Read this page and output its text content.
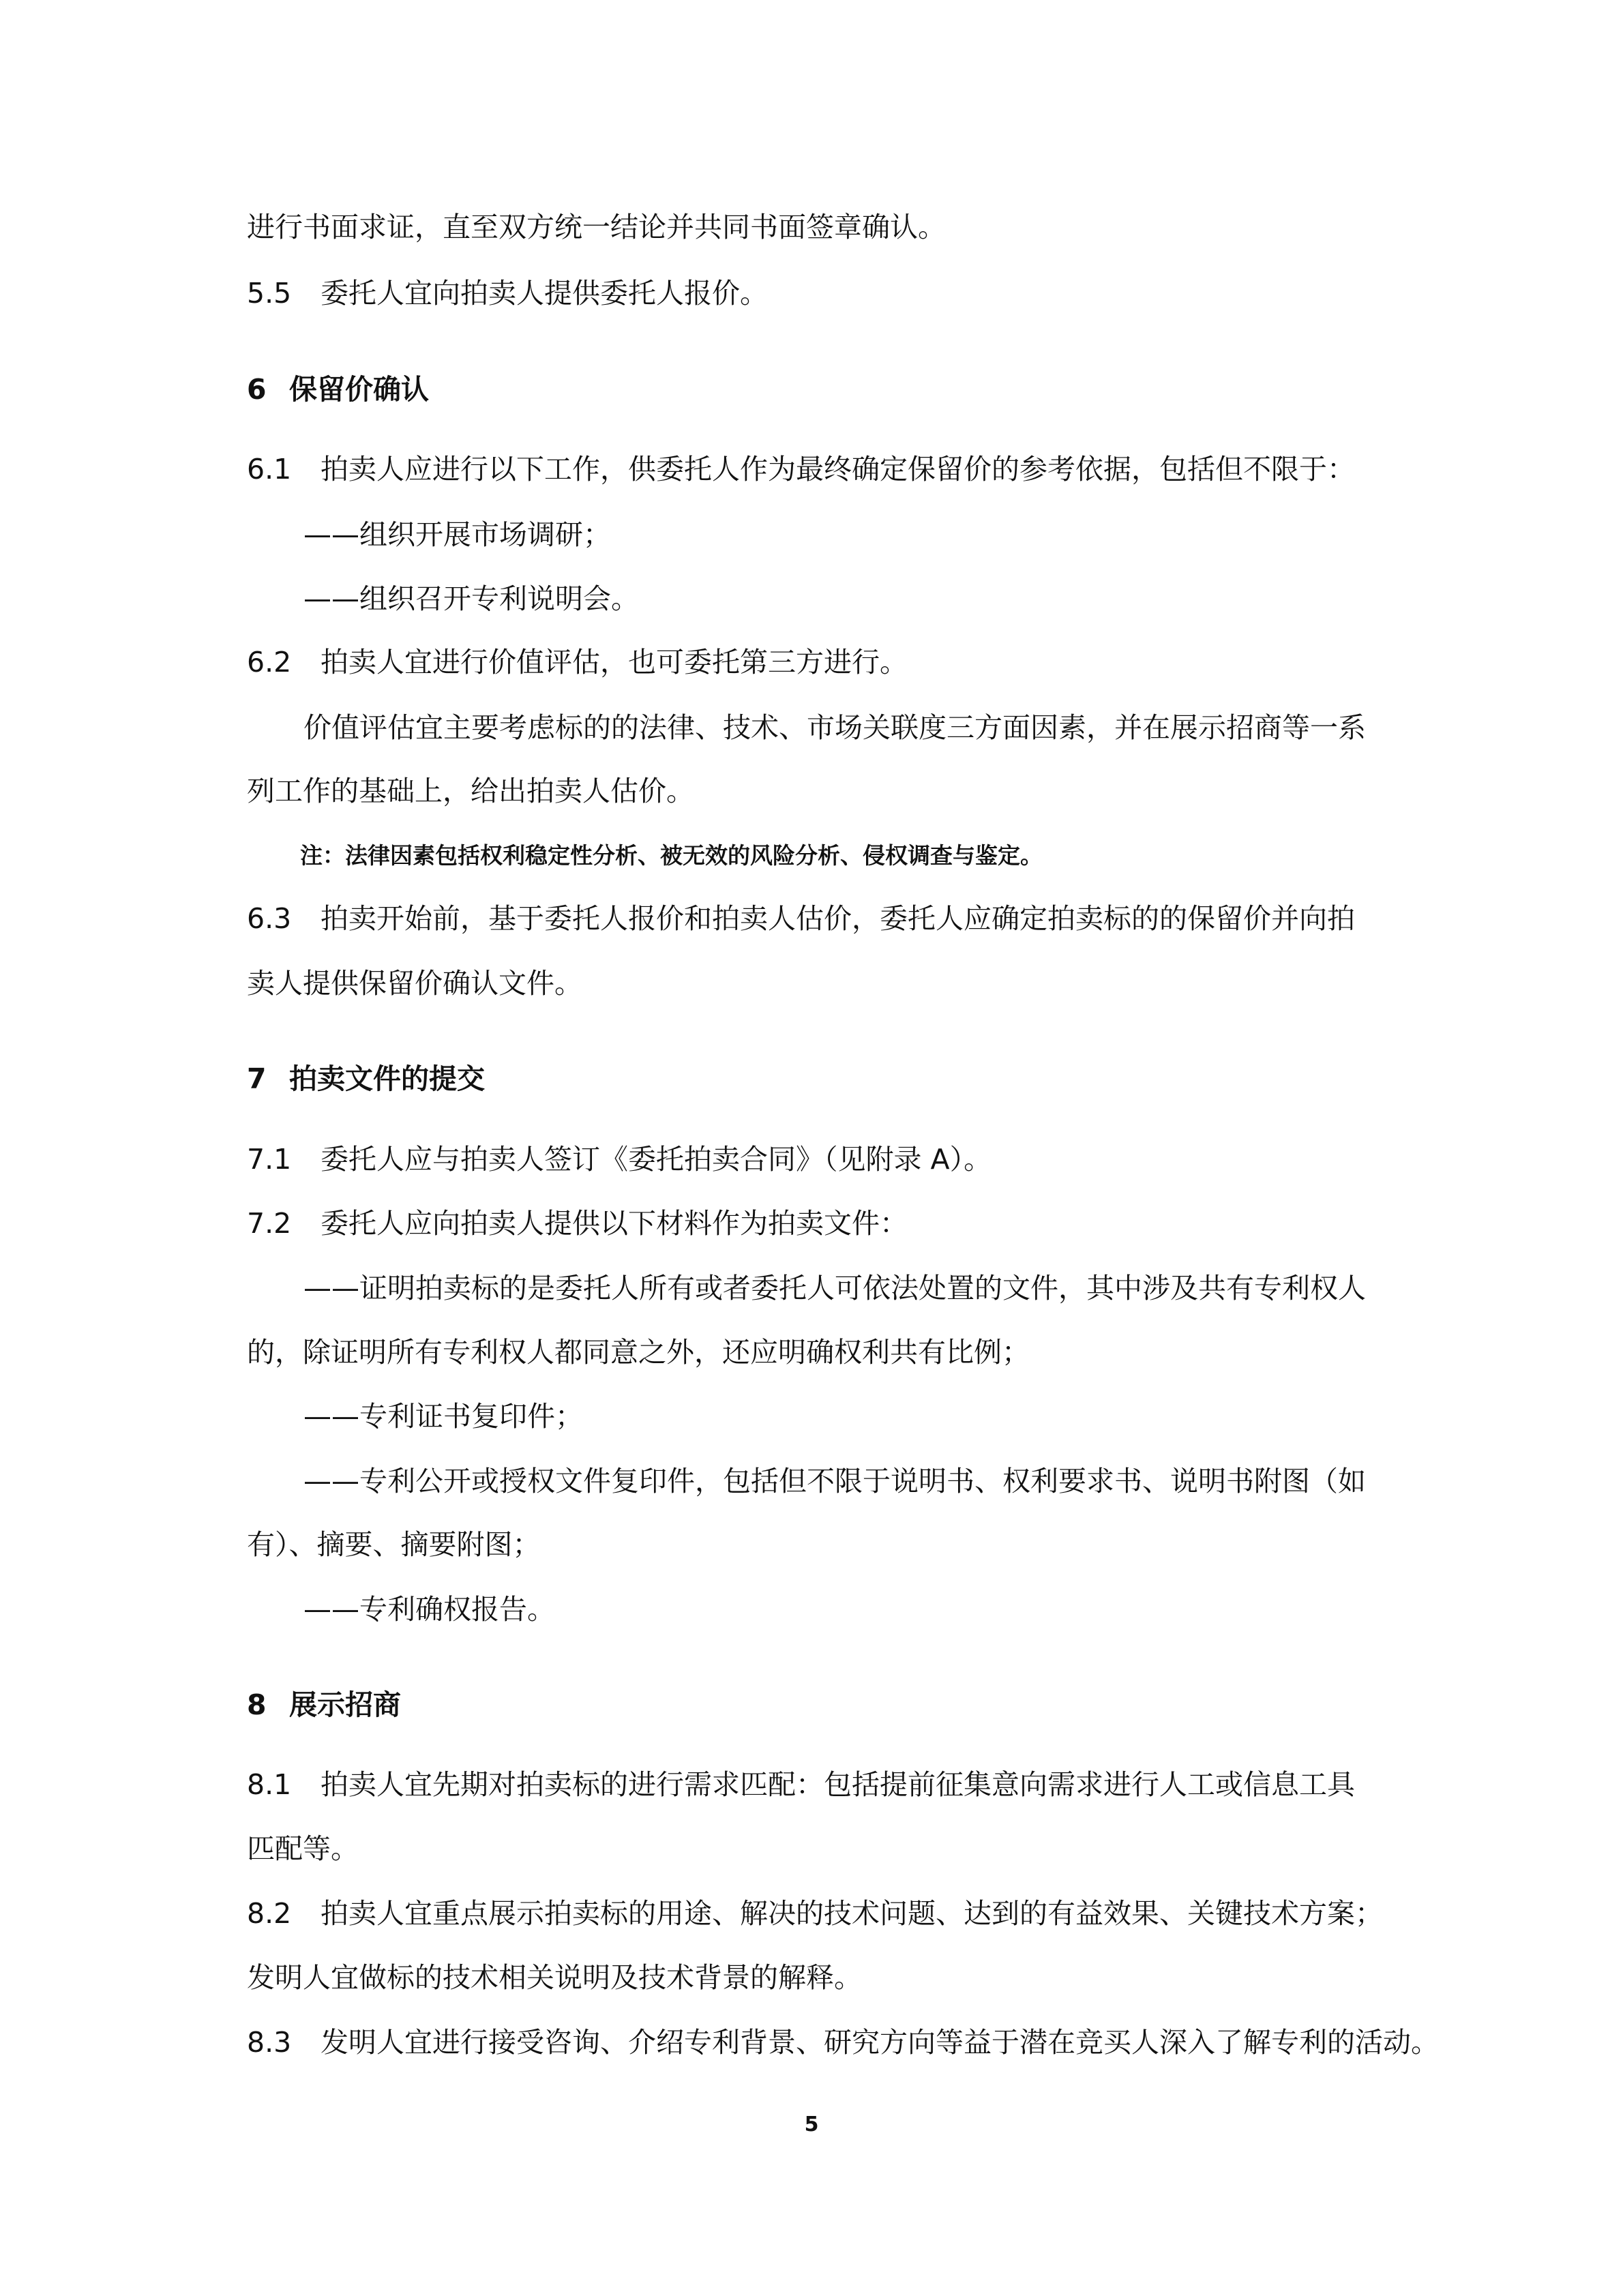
进行书面求证，直至双方统一结论并共同书面签章确认。
5.5 委托人宜向拍卖人提供委托人报价。
6 保留价确认
6.1 拍卖人应进行以下工作，供委托人作为最终确定保留价的参考依据，包括但不限于：
——组织开展市场调研；
——组织召开专利说明会。
6.2 拍卖人宜进行价值评估，也可委托第三方进行。
价值评估宜主要考虑标的的法律、技术、市场关联度三方面因素，并在展示招商等一系
列工作的基础上，给出拍卖人估价。
注：法律因素包括权利稳定性分析、被无效的风险分析、侵权调查与鉴定。
6.3 拍卖开始前，基于委托人报价和拍卖人估价，委托人应确定拍卖标的的保留价并向拍
卖人提供保留价确认文件。
7 拍卖文件的提交
7.1 委托人应与拍卖人签订《委托拍卖合同》（见附录 A）。
7.2 委托人应向拍卖人提供以下材料作为拍卖文件：
——证明拍卖标的是委托人所有或者委托人可依法处置的文件，其中涉及共有专利权人
的，除证明所有专利权人都同意之外，还应明确权利共有比例；
——专利证书复印件；
——专利公开或授权文件复印件，包括但不限于说明书、权利要求书、说明书附图（如
有）、摘要、摘要附图；
——专利确权报告。
8 展示招商
8.1 拍卖人宜先期对拍卖标的进行需求匹配：包括提前征集意向需求进行人工或信息工具
匹配等。
8.2 拍卖人宜重点展示拍卖标的用途、解决的技术问题、达到的有益效果、关键技术方案；
发明人宜做标的技术相关说明及技术背景的解释。
8.3 发明人宜进行接受咨询、介绍专利背景、研究方向等益于潜在竞买人深入了解专利的活动。
5
